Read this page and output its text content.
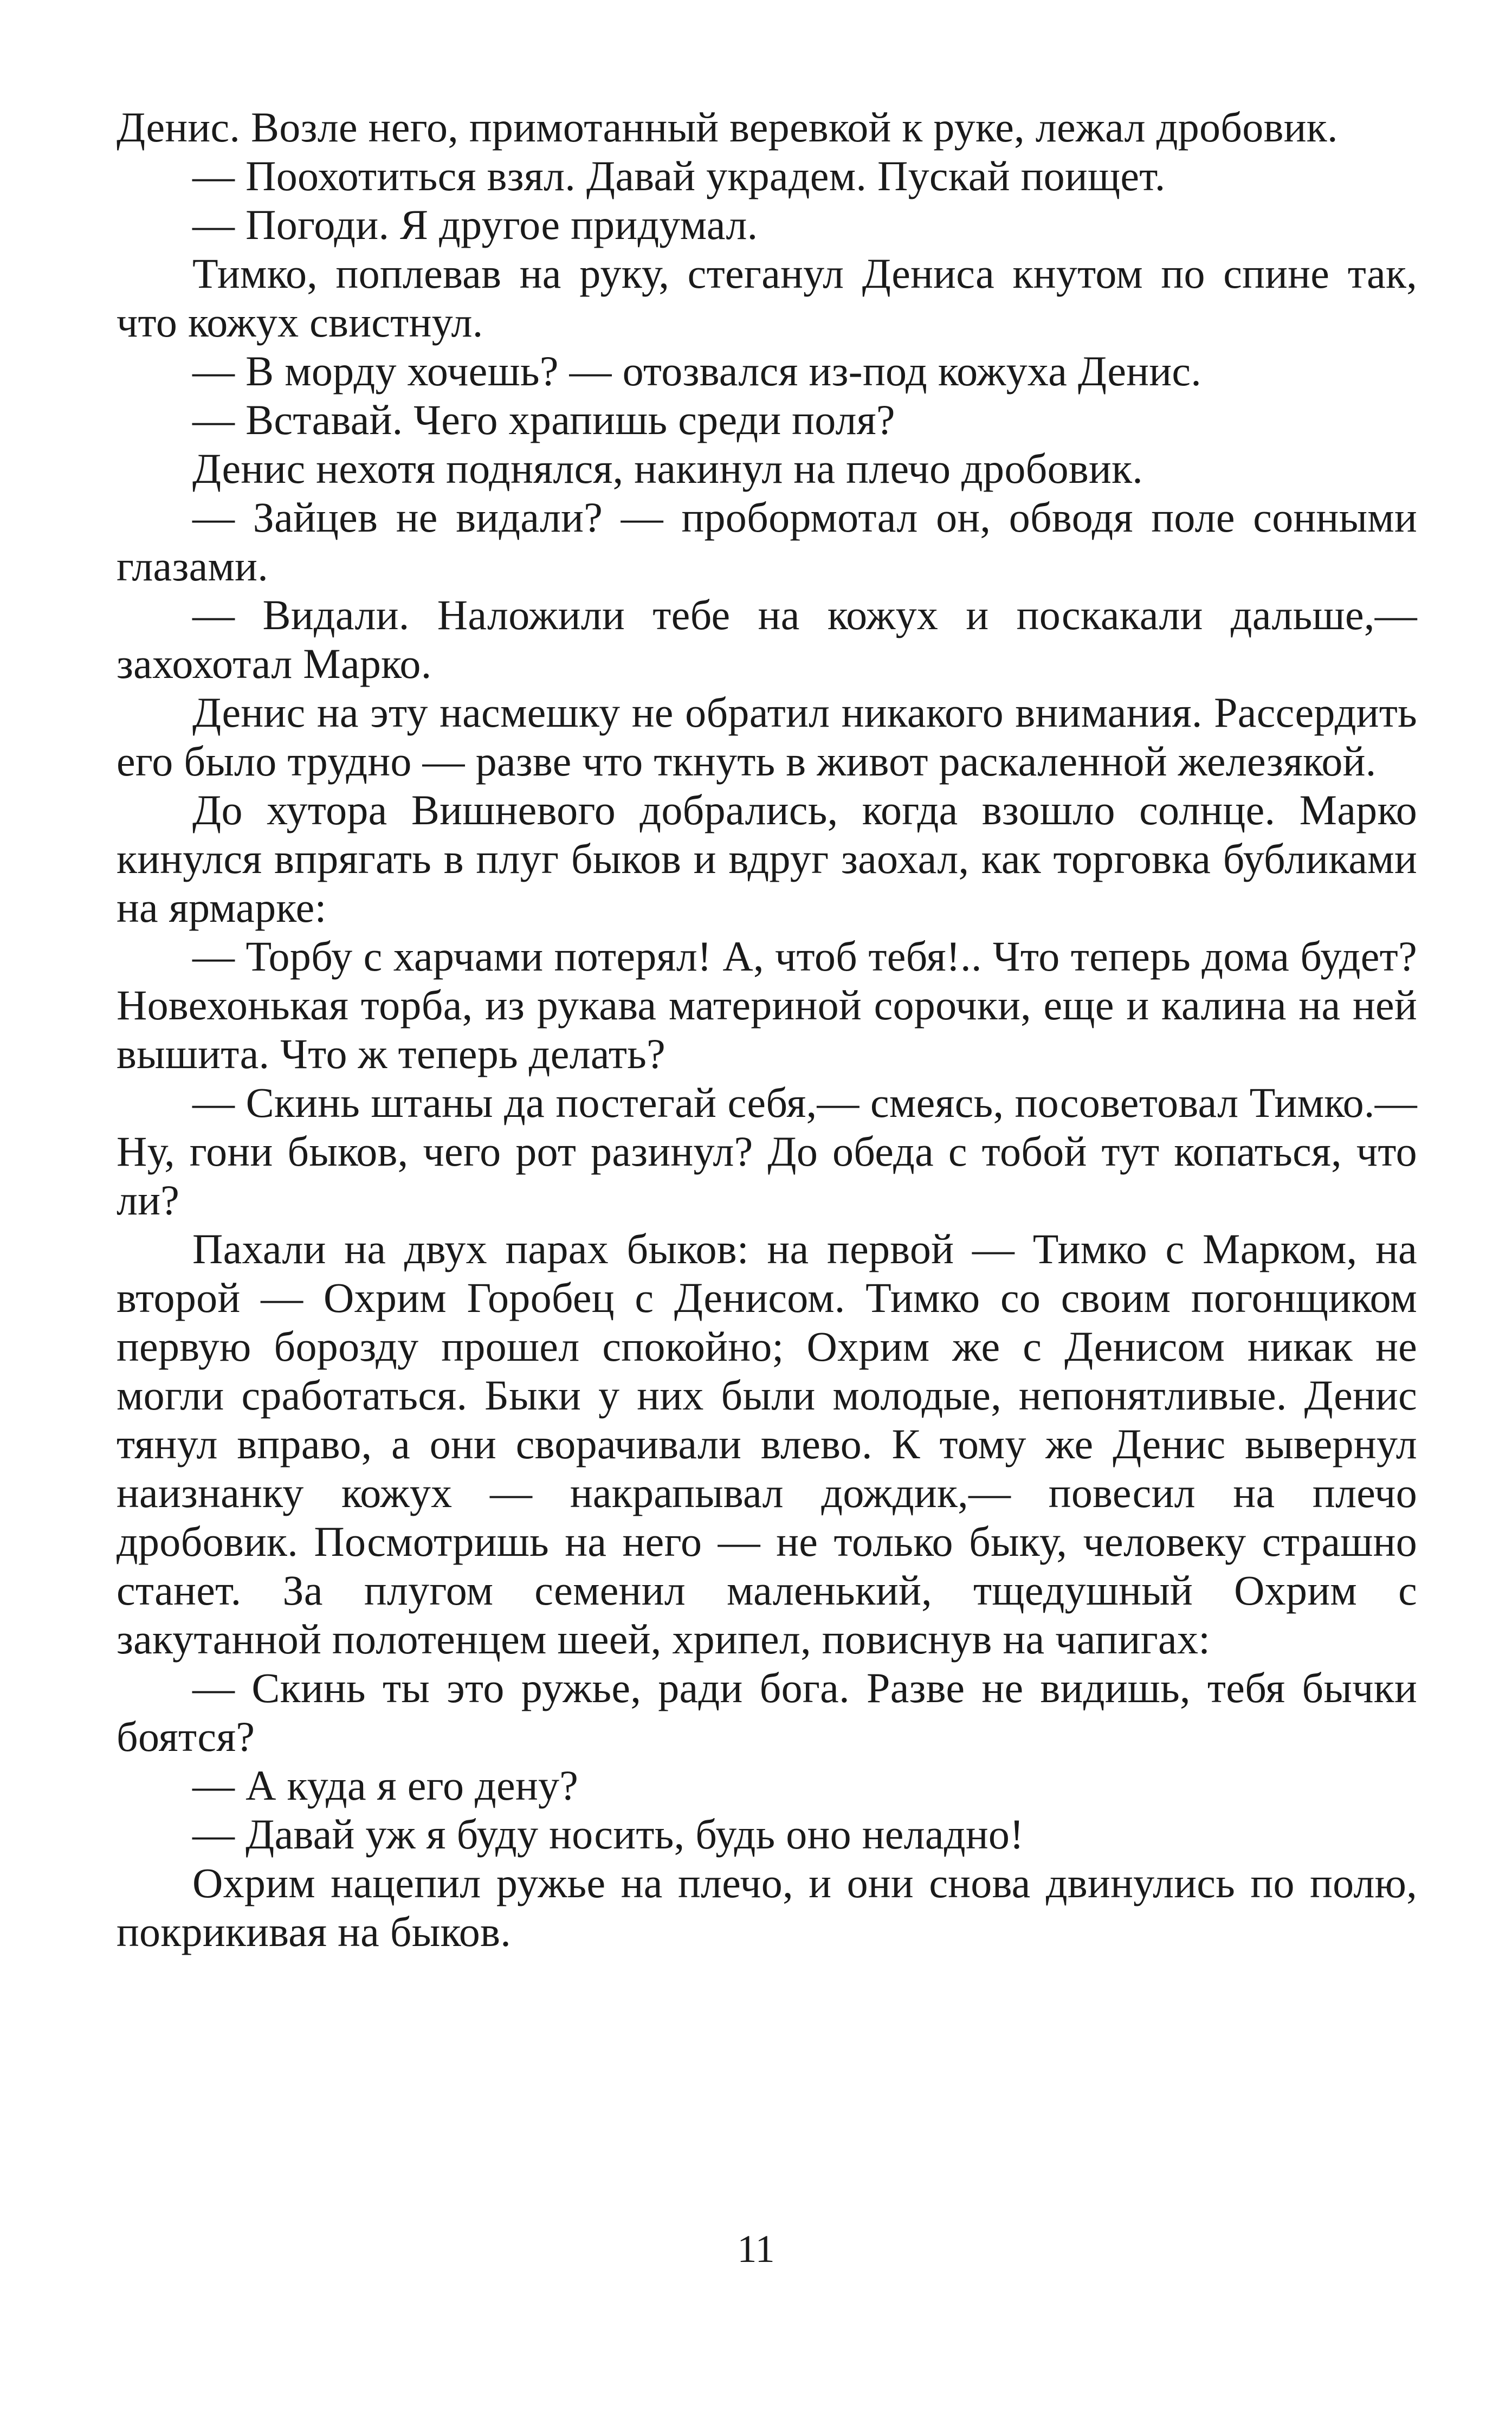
Денис. Возле него, примотанный веревкой к руке, лежал дробовик.

— Поохотиться взял. Давай украдем. Пускай поищет.

— Погоди. Я другое придумал.

Тимко, поплевав на руку, стеганул Дениса кнутом по спине так, что кожух свистнул.

— В морду хочешь? — отозвался из-под кожуха Денис.

— Вставай. Чего храпишь среди поля?

Денис нехотя поднялся, накинул на плечо дробовик.

— Зайцев не видали? — пробормотал он, обводя поле сонными глазами.

— Видали. Наложили тебе на кожух и поскакали дальше,— захохотал Марко.

Денис на эту насмешку не обратил никакого внимания. Рассердить его было трудно — разве что ткнуть в живот раскаленной железякой.

До хутора Вишневого добрались, когда взошло солнце. Марко кинулся впрягать в плуг быков и вдруг заохал, как торговка бубликами на ярмарке:

— Торбу с харчами потерял! А, чтоб тебя!.. Что теперь дома будет? Новехонькая торба, из рукава материной сорочки, еще и калина на ней вышита. Что ж теперь делать?

— Скинь штаны да постегай себя,— смеясь, посоветовал Тимко.— Ну, гони быков, чего рот разинул? До обеда с тобой тут копаться, что ли?

Пахали на двух парах быков: на первой — Тимко с Марком, на второй — Охрим Горобец с Денисом. Тимко со своим погонщиком первую борозду прошел спокойно; Охрим же с Денисом никак не могли сработаться. Быки у них были молодые, непонятливые. Денис тянул вправо, а они сворачивали влево. К тому же Денис вывернул наизнанку кожух — накрапывал дождик,— повесил на плечо дробовик. Посмотришь на него — не только быку, человеку страшно станет. За плугом семенил маленький, тщедушный Охрим с закутанной полотенцем шеей, хрипел, повиснув на чапигах:

— Скинь ты это ружье, ради бога. Разве не видишь, тебя бычки боятся?

— А куда я его дену?

— Давай уж я буду носить, будь оно неладно!

Охрим нацепил ружье на плечо, и они снова двинулись по полю, покрикивая на быков.

11
